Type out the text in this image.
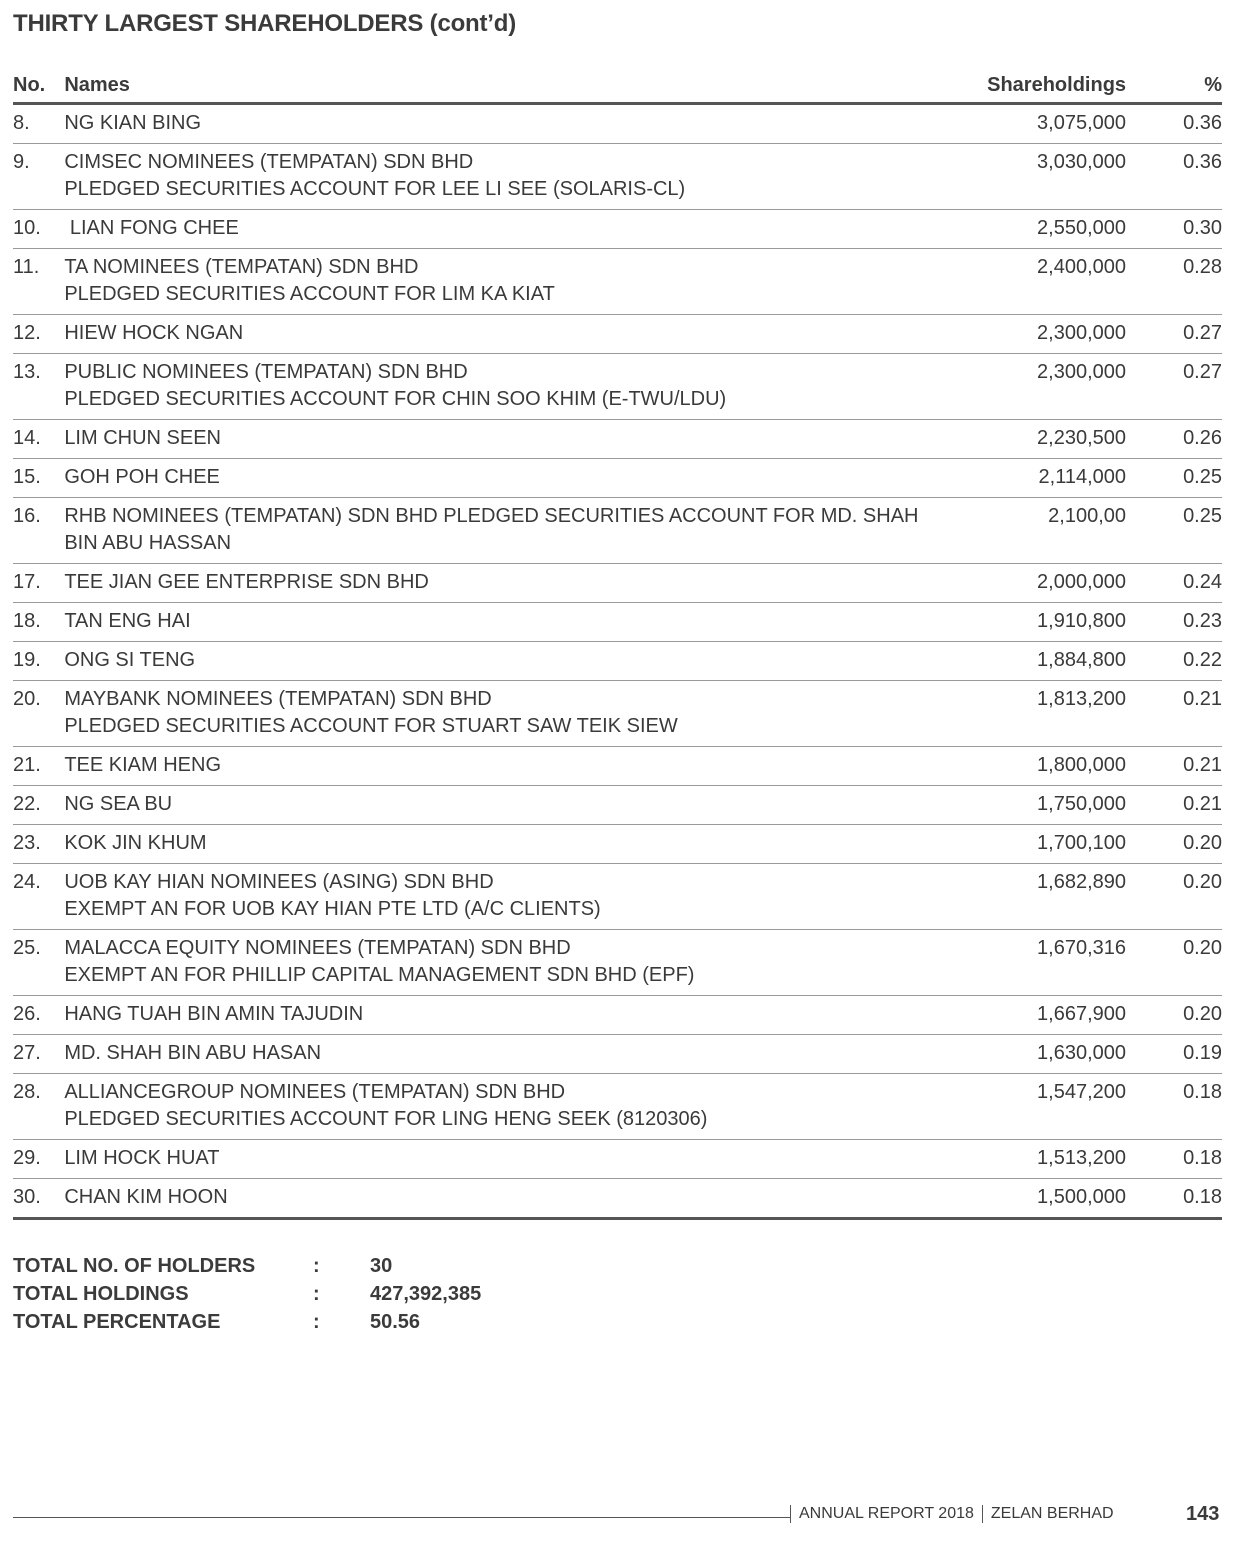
THIRTY LARGEST SHAREHOLDERS (cont’d)
No.	Names	Shareholdings	%
8.	NG KIAN BING	3,075,000	0.36
9.	CIMSEC NOMINEES (TEMPATAN) SDN BHD
PLEDGED SECURITIES ACCOUNT FOR LEE LI SEE (SOLARIS-CL)	3,030,000	0.36
10.	LIAN FONG CHEE	2,550,000	0.30
11.	TA NOMINEES (TEMPATAN) SDN BHD
PLEDGED SECURITIES ACCOUNT FOR LIM KA KIAT	2,400,000	0.28
12.	HIEW HOCK NGAN	2,300,000	0.27
13.	PUBLIC NOMINEES (TEMPATAN) SDN BHD
PLEDGED SECURITIES ACCOUNT FOR CHIN SOO KHIM (E-TWU/LDU)	2,300,000	0.27
14.	LIM CHUN SEEN	2,230,500	0.26
15.	GOH POH CHEE	2,114,000	0.25
16.	RHB NOMINEES (TEMPATAN) SDN BHD PLEDGED SECURITIES ACCOUNT FOR MD. SHAH
BIN ABU HASSAN	2,100,00	0.25
17.	TEE JIAN GEE ENTERPRISE SDN BHD	2,000,000	0.24
18.	TAN ENG HAI	1,910,800	0.23
19.	ONG SI TENG	1,884,800	0.22
20.	MAYBANK NOMINEES (TEMPATAN) SDN BHD
PLEDGED SECURITIES ACCOUNT FOR STUART SAW TEIK SIEW	1,813,200	0.21
21.	TEE KIAM HENG	1,800,000	0.21
22.	NG SEA BU	1,750,000	0.21
23.	KOK JIN KHUM	1,700,100	0.20
24.	UOB KAY HIAN NOMINEES (ASING) SDN BHD
EXEMPT AN FOR UOB KAY HIAN PTE LTD (A/C CLIENTS)	1,682,890	0.20
25.	MALACCA EQUITY NOMINEES (TEMPATAN) SDN BHD
EXEMPT AN FOR PHILLIP CAPITAL MANAGEMENT SDN BHD (EPF)	1,670,316	0.20
26.	HANG TUAH BIN AMIN TAJUDIN	1,667,900	0.20
27.	MD. SHAH BIN ABU HASAN	1,630,000	0.19
28.	ALLIANCEGROUP NOMINEES (TEMPATAN) SDN BHD
PLEDGED SECURITIES ACCOUNT FOR LING HENG SEEK (8120306)	1,547,200	0.18
29.	LIM HOCK HUAT	1,513,200	0.18
30.	CHAN KIM HOON	1,500,000	0.18
TOTAL NO. OF HOLDERS	:	30
TOTAL HOLDINGS	:	427,392,385
TOTAL PERCENTAGE	:	50.56
ANNUAL REPORT 2018 ZELAN BERHAD	143
